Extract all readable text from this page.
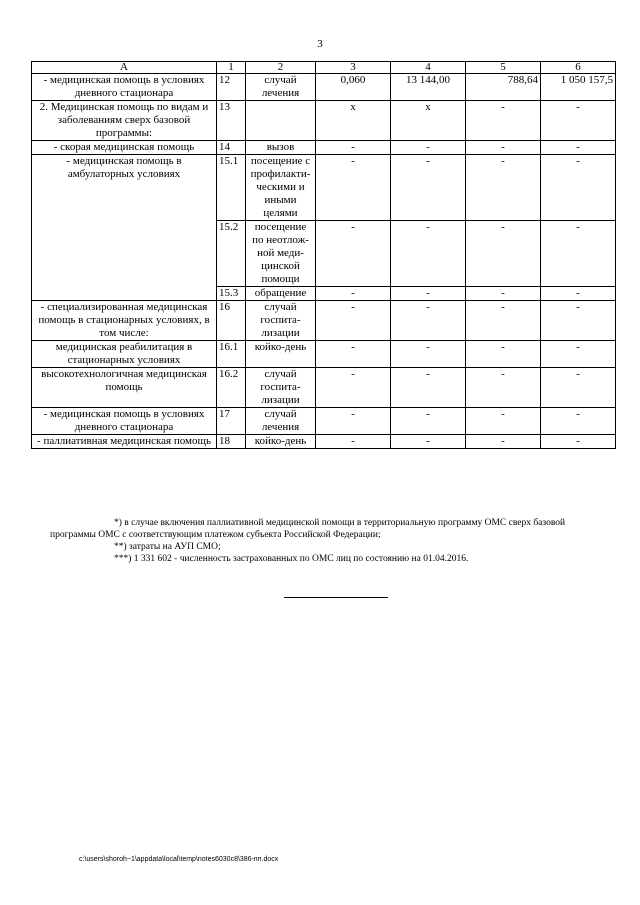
3
А	1	2	3	4	5	6
- медицинская помощь в условиях дневного стационара	12	случай лечения	0,060	13 144,00	788,64	1 050 157,5
2. Медицинская помощь по видам и заболеваниям сверх базовой программы:	13		х	х	-	-
- скорая медицинская помощь	14	вызов	-	-	-	-
- медицинская помощь в амбулаторных условиях	15.1	посещение с профилакти-ческими и иными целями	-	-	-	-
	15.2	посещение по неотлож-ной меди-цинской помощи	-	-	-	-
	15.3	обращение	-	-	-	-
- специализированная медицинская помощь в стационарных условиях, в том числе:	16	случай госпита-лизации	-	-	-	-
медицинская реабилитация в стационарных условиях	16.1	койко-день	-	-	-	-
высокотехнологичная медицинская помощь	16.2	случай госпита-лизации	-	-	-	-
- медицинская помощь в условиях дневного стационара	17	случай лечения	-	-	-	-
- паллиативная медицинская помощь	18	койко-день	-	-	-	-

*) в случае включения паллиативной медицинской помощи в территориальную программу ОМС сверх базовой программы ОМС с соответствующим платежом субъекта Российской Федерации;

**) затраты на АУП СМО;

***) 1 331 602 - численность застрахованных по ОМС лиц по состоянию на 01.04.2016.

c:\users\shoroh~1\appdata\local\temp\notes6030c8\386-пп.docx
